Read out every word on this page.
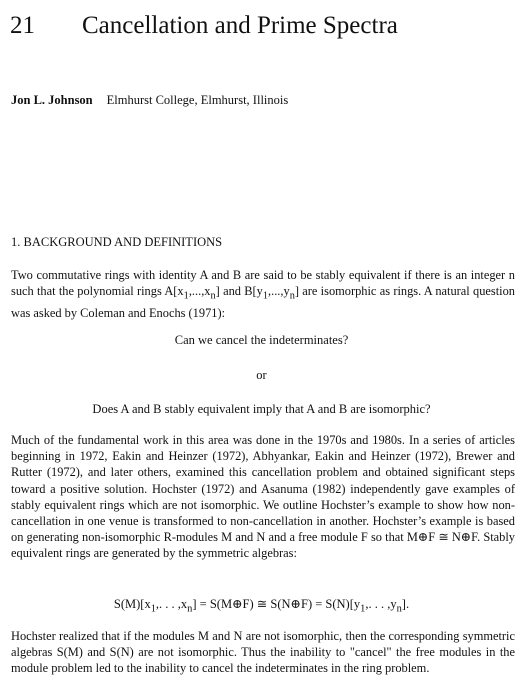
21 Cancellation and Prime Spectra
Jon L. Johnson Elmhurst College, Elmhurst, Illinois
1. BACKGROUND AND DEFINITIONS
Two commutative rings with identity A and B are said to be stably equivalent if there is an integer n such that the polynomial rings $A[x_1,...,x_n]$ and $B[y_1,...,y_n]$ are isomorphic as rings. A natural question was asked by Coleman and Enochs (1971):
Can we cancel the indeterminates?
or
Does A and B stably equivalent imply that A and B are isomorphic?
Much of the fundamental work in this area was done in the 1970s and 1980s. In a series of articles beginning in 1972, Eakin and Heinzer (1972), Abhyankar, Eakin and Heinzer (1972), Brewer and Rutter (1972), and later others, examined this cancellation problem and obtained significant steps toward a positive solution. Hochster (1972) and Asanuma (1982) independently gave examples of stably equivalent rings which are not isomorphic. We outline Hochster’s example to show how non-cancellation in one venue is transformed to non-cancellation in another. Hochster’s example is based on generating non-isomorphic R-modules M and N and a free module F so that M⊕F ≅ N⊕F. Stably equivalent rings are generated by the symmetric algebras:
$S(M)[x_1$,. . . $,x_n$] = S(M⊕F) ≅ S(N⊕F) = $S(N)[y_1$,. . . $,y_n$].
Hochster realized that if the modules M and N are not isomorphic, then the corresponding symmetric algebras S(M) and S(N) are not isomorphic. Thus the inability to "cancel" the free modules in the module problem led to the inability to cancel the indeterminates in the ring problem.
